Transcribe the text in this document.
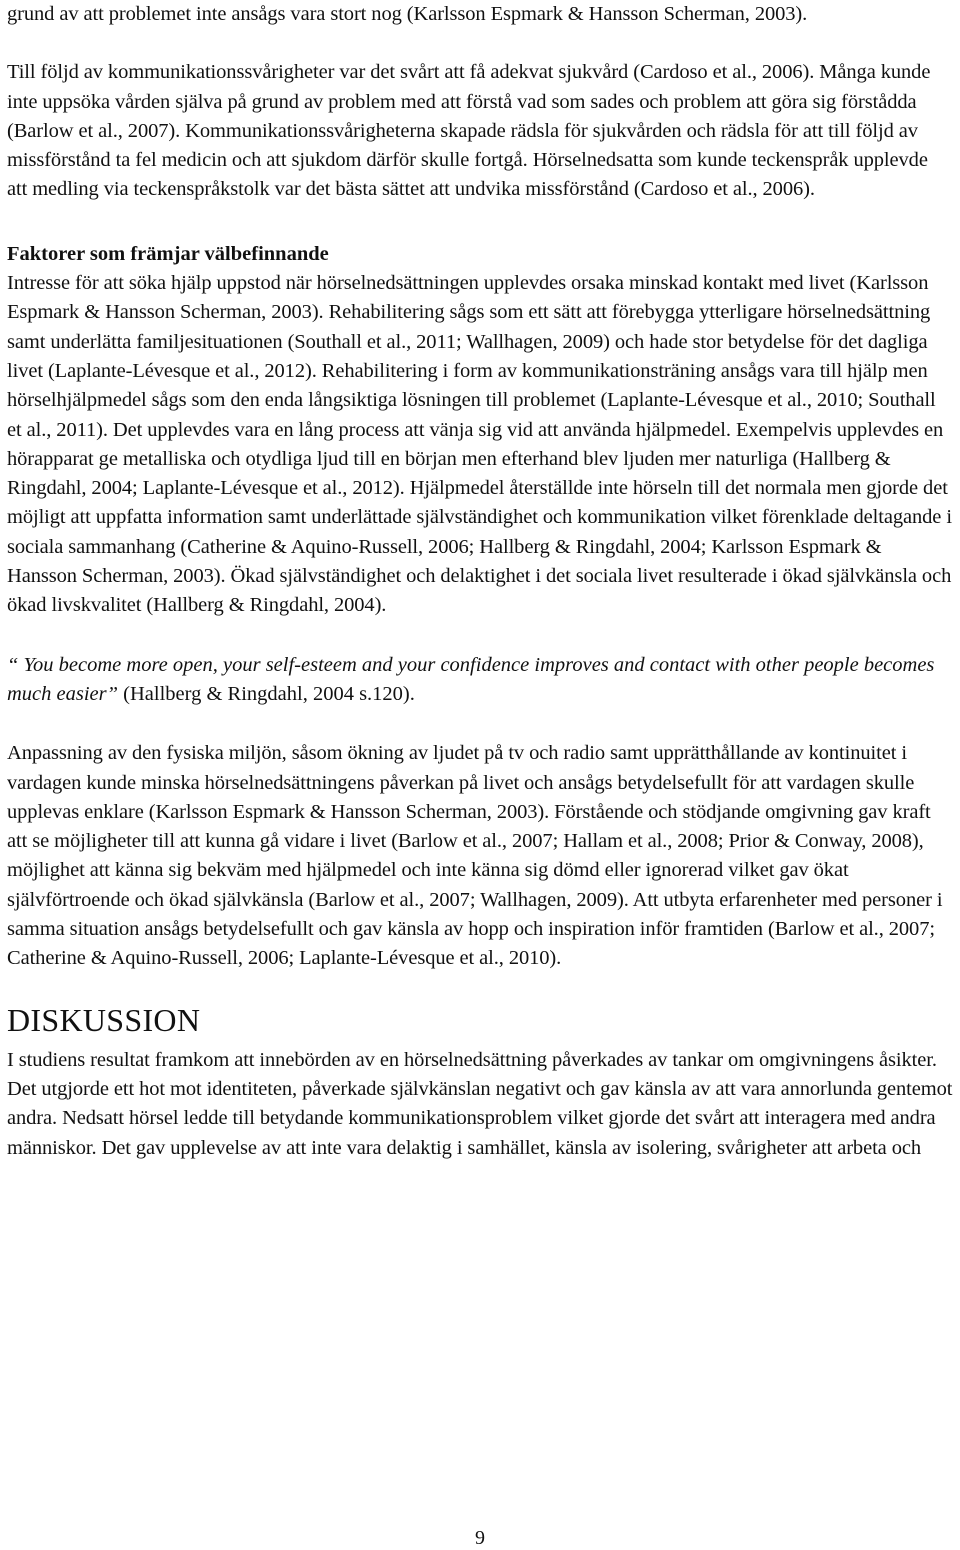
grund av att problemet inte ansågs vara stort nog (Karlsson Espmark & Hansson Scherman, 2003).

Till följd av kommunikationssvårigheter var det svårt att få adekvat sjukvård (Cardoso et al., 2006). Många kunde inte uppsöka vården själva på grund av problem med att förstå vad som sades och problem att göra sig förstådda (Barlow et al., 2007). Kommunikationssvårigheterna skapade rädsla för sjukvården och rädsla för att till följd av missförstånd ta fel medicin och att sjukdom därför skulle fortgå. Hörselnedsatta som kunde teckenspråk upplevde att medling via teckenspråkstolk var det bästa sättet att undvika missförstånd (Cardoso et al., 2006).

Faktorer som främjar välbefinnande

Intresse för att söka hjälp uppstod när hörselnedsättningen upplevdes orsaka minskad kontakt med livet (Karlsson Espmark & Hansson Scherman, 2003). Rehabilitering sågs som ett sätt att förebygga ytterligare hörselnedsättning samt underlätta familjesituationen (Southall et al., 2011; Wallhagen, 2009) och hade stor betydelse för det dagliga livet (Laplante-Lévesque et al., 2012). Rehabilitering i form av kommunikationsträning ansågs vara till hjälp men hörselhjälpmedel sågs som den enda långsiktiga lösningen till problemet (Laplante-Lévesque et al., 2010; Southall et al., 2011). Det upplevdes vara en lång process att vänja sig vid att använda hjälpmedel. Exempelvis upplevdes en hörapparat ge metalliska och otydliga ljud till en början men efterhand blev ljuden mer naturliga (Hallberg & Ringdahl, 2004; Laplante-Lévesque et al., 2012). Hjälpmedel återställde inte hörseln till det normala men gjorde det möjligt att uppfatta information samt underlättade självständighet och kommunikation vilket förenklade deltagande i sociala sammanhang (Catherine & Aquino-Russell, 2006; Hallberg & Ringdahl, 2004; Karlsson Espmark & Hansson Scherman, 2003). Ökad självständighet och delaktighet i det sociala livet resulterade i ökad självkänsla och ökad livskvalitet (Hallberg & Ringdahl, 2004).

“ You become more open, your self-esteem and your confidence improves and contact with other people becomes much easier” (Hallberg & Ringdahl, 2004 s.120).

Anpassning av den fysiska miljön, såsom ökning av ljudet på tv och radio samt upprätthållande av kontinuitet i vardagen kunde minska hörselnedsättningens påverkan på livet och ansågs betydelsefullt för att vardagen skulle upplevas enklare (Karlsson Espmark & Hansson Scherman, 2003). Förstående och stödjande omgivning gav kraft att se möjligheter till att kunna gå vidare i livet (Barlow et al., 2007; Hallam et al., 2008; Prior & Conway, 2008), möjlighet att känna sig bekväm med hjälpmedel och inte känna sig dömd eller ignorerad vilket gav ökat självförtroende och ökad självkänsla (Barlow et al., 2007; Wallhagen, 2009). Att utbyta erfarenheter med personer i samma situation ansågs betydelsefullt och gav känsla av hopp och inspiration inför framtiden (Barlow et al., 2007; Catherine & Aquino-Russell, 2006; Laplante-Lévesque et al., 2010).

DISKUSSION

I studiens resultat framkom att innebörden av en hörselnedsättning påverkades av tankar om omgivningens åsikter. Det utgjorde ett hot mot identiteten, påverkade självkänslan negativt och gav känsla av att vara annorlunda gentemot andra. Nedsatt hörsel ledde till betydande kommunikationsproblem vilket gjorde det svårt att interagera med andra människor. Det gav upplevelse av att inte vara delaktig i samhället, känsla av isolering, svårigheter att arbeta och

9
